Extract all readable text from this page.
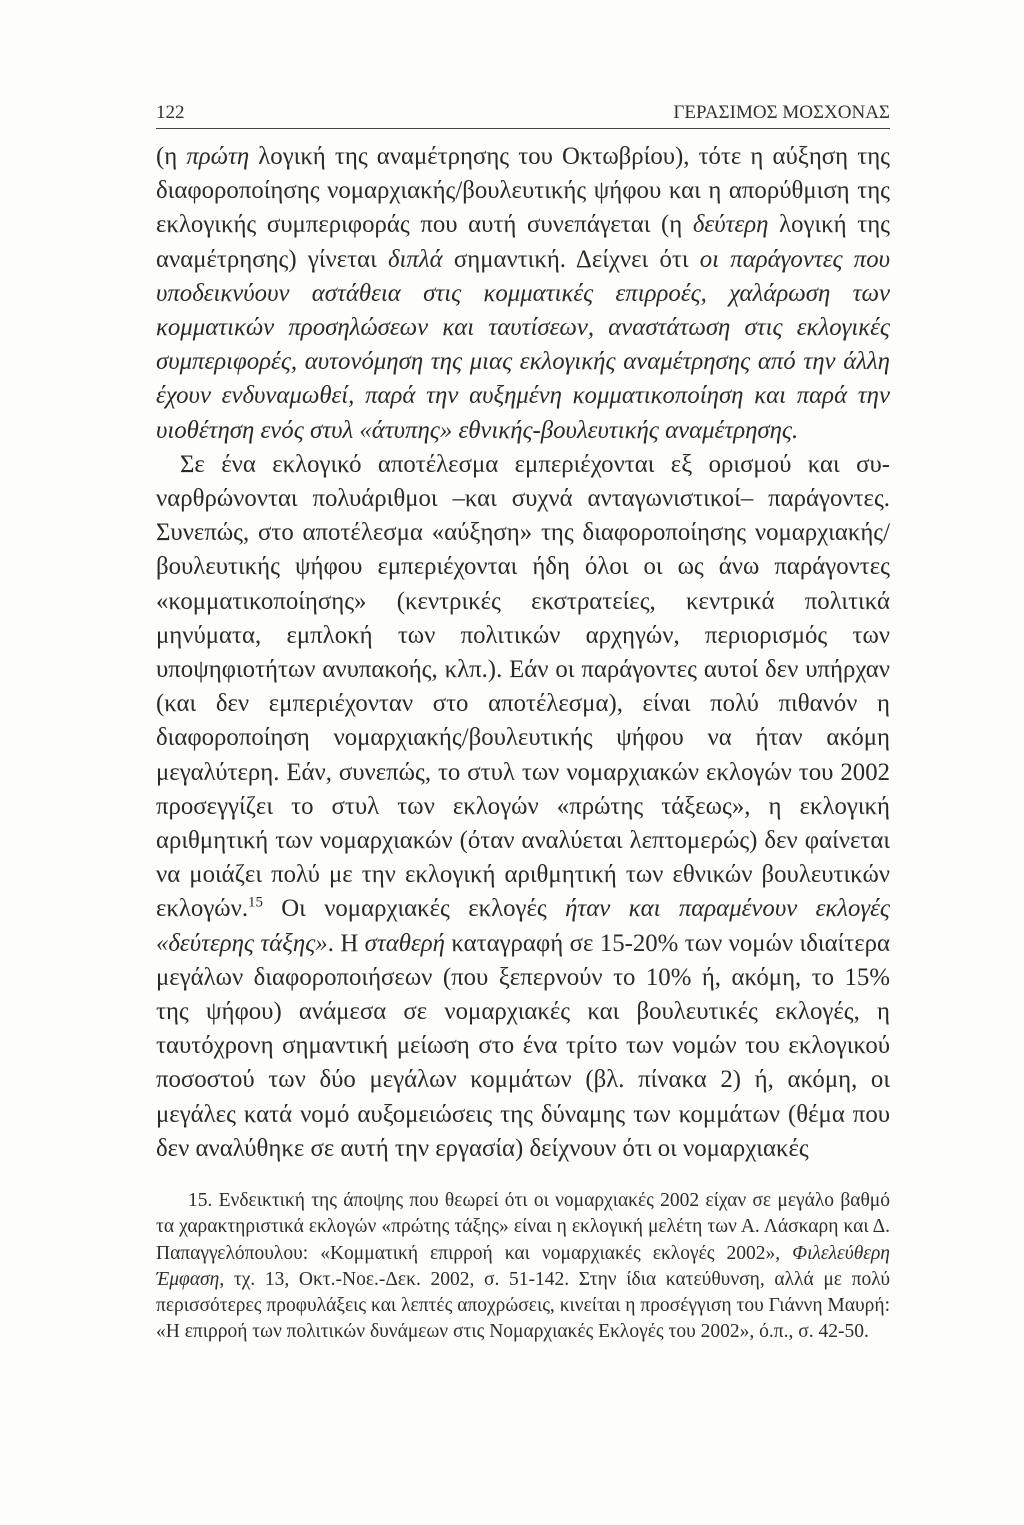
122	ΓΕΡΑΣΙΜΟΣ ΜΟΣΧΟΝΑΣ

(η πρώτη λογική της αναμέτρησης του Οκτωβρίου), τότε η αύξηση της διαφοροποίησης νομαρχιακής/βουλευτικής ψήφου και η απορύθμιση της εκλογικής συμπεριφοράς που αυτή συνεπάγεται (η δεύτερη λογική της αναμέτρησης) γίνεται διπλά σημαντική. Δείχνει ότι οι παράγοντες που υποδεικνύουν αστάθεια στις κομματικές επιρροές, χαλάρωση των κομματικών προσηλώσεων και ταυτίσεων, αναστάτωση στις εκλογικές συμπεριφορές, αυτονόμηση της μιας εκλογικής αναμέτρησης από την άλλη έχουν ενδυναμωθεί, παρά την αυξημένη κομματικοποίηση και παρά την υιοθέτηση ενός στυλ «άτυπης» εθνικής-βουλευτικής αναμέτρησης.

Σε ένα εκλογικό αποτέλεσμα εμπεριέχονται εξ ορισμού και συναρθρώνονται πολυάριθμοι –και συχνά ανταγωνιστικοί– παράγοντες. Συνεπώς, στο αποτέλεσμα «αύξηση» της διαφοροποίησης νομαρχιακής/βουλευτικής ψήφου εμπεριέχονται ήδη όλοι οι ως άνω παράγοντες «κομματικοποίησης» (κεντρικές εκστρατείες, κεντρικά πολιτικά μηνύματα, εμπλοκή των πολιτικών αρχηγών, περιορισμός των υποψηφιοτήτων ανυπακοής, κλπ.). Εάν οι παράγοντες αυτοί δεν υπήρχαν (και δεν εμπεριέχονταν στο αποτέλεσμα), είναι πολύ πιθανόν η διαφοροποίηση νομαρχιακής/βουλευτικής ψήφου να ήταν ακόμη μεγαλύτερη. Εάν, συνεπώς, το στυλ των νομαρχιακών εκλογών του 2002 προσεγγίζει το στυλ των εκλογών «πρώτης τάξεως», η εκλογική αριθμητική των νομαρχιακών (όταν αναλύεται λεπτομερώς) δεν φαίνεται να μοιάζει πολύ με την εκλογική αριθμητική των εθνικών βουλευτικών εκλογών.$^{15}$ Οι νομαρχιακές εκλογές ήταν και παραμένουν εκλογές «δεύτερης τάξης». Η σταθερή καταγραφή σε 15-20% των νομών ιδιαίτερα μεγάλων διαφοροποιήσεων (που ξεπερνούν το 10% ή, ακόμη, το 15% της ψήφου) ανάμεσα σε νομαρχιακές και βουλευτικές εκλογές, η ταυτόχρονη σημαντική μείωση στο ένα τρίτο των νομών του εκλογικού ποσοστού των δύο μεγάλων κομμάτων (βλ. πίνακα 2) ή, ακόμη, οι μεγάλες κατά νομό αυξομειώσεις της δύναμης των κομμάτων (θέμα που δεν αναλύθηκε σε αυτή την εργασία) δείχνουν ότι οι νομαρχιακές

15. Ενδεικτική της άποψης που θεωρεί ότι οι νομαρχιακές 2002 είχαν σε μεγάλο βαθμό τα χαρακτηριστικά εκλογών «πρώτης τάξης» είναι η εκλογική μελέτη των Α. Λάσκαρη και Δ. Παπαγγελόπουλου: «Κομματική επιρροή και νομαρχιακές εκλογές 2002», Φιλελεύθερη Έμφαση, τχ. 13, Οκτ.-Νοε.-Δεκ. 2002, σ. 51-142. Στην ίδια κατεύθυνση, αλλά με πολύ περισσότερες προφυλάξεις και λεπτές αποχρώσεις, κινείται η προσέγγιση του Γιάννη Μαυρή: «Η επιρροή των πολιτικών δυνάμεων στις Νομαρχιακές Εκλογές του 2002», ό.π., σ. 42-50.
